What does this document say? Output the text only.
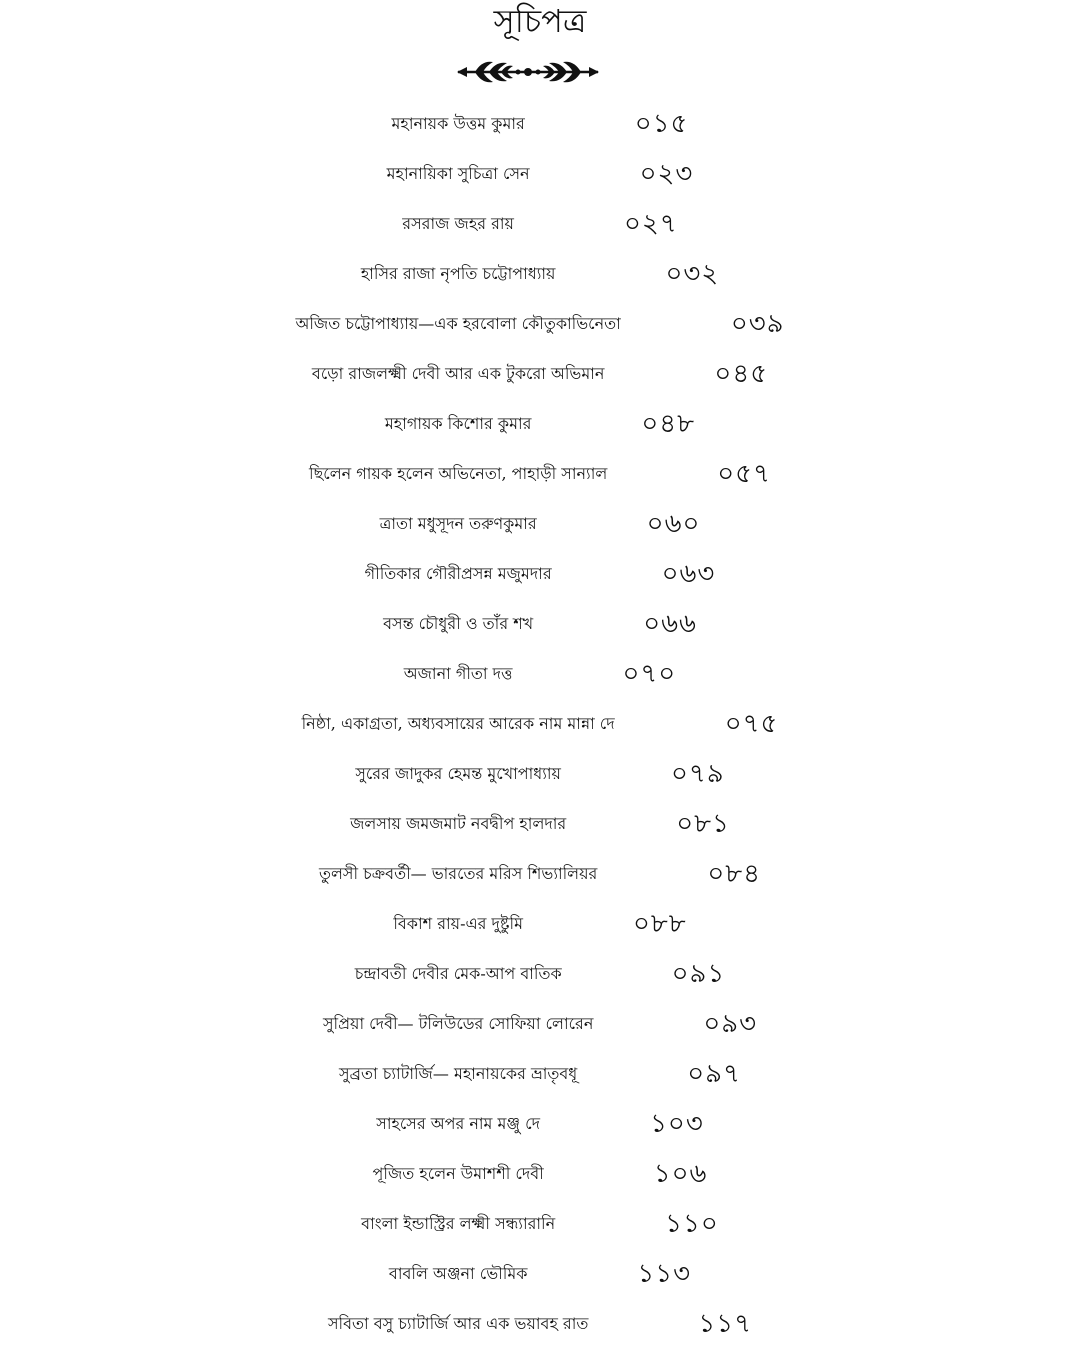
সূচিপত্র
মহানায়ক উত্তম কুমার	০১৫
মহানায়িকা সুচিত্রা সেন	০২৩
রসরাজ জহর রায়	০২৭
হাসির রাজা নৃপতি চট্টোপাধ্যায়	০৩২
অজিত চট্টোপাধ্যায়—এক হরবোলা কৌতুকাভিনেতা	০৩৯
বড়ো রাজলক্ষ্মী দেবী আর এক টুকরো অভিমান	০৪৫
মহাগায়ক কিশোর কুমার	০৪৮
ছিলেন গায়ক হলেন অভিনেতা, পাহাড়ী সান্যাল	০৫৭
ত্রাতা মধুসূদন তরুণকুমার	০৬০
গীতিকার গৌরীপ্রসন্ন মজুমদার	০৬৩
বসন্ত চৌধুরী ও তাঁর শখ	০৬৬
অজানা গীতা দত্ত	০৭০
নিষ্ঠা, একাগ্রতা, অধ্যবসায়ের আরেক নাম মান্না দে	০৭৫
সুরের জাদুকর হেমন্ত মুখোপাধ্যায়	০৭৯
জলসায় জমজমাট নবদ্বীপ হালদার	০৮১
তুলসী চক্রবর্তী— ভারতের মরিস শিভ্যালিয়র	০৮৪
বিকাশ রায়-এর দুষ্টুমি	০৮৮
চন্দ্রাবতী দেবীর মেক-আপ বাতিক	০৯১
সুপ্রিয়া দেবী— টলিউডের সোফিয়া লোরেন	০৯৩
সুব্রতা চ্যাটার্জি— মহানায়কের ভ্রাতৃবধূ	০৯৭
সাহসের অপর নাম মঞ্জু দে	১০৩
পূজিত হলেন উমাশশী দেবী	১০৬
বাংলা ইন্ডাস্ট্রির লক্ষ্মী সন্ধ্যারানি	১১০
বাবলি অঞ্জনা ভৌমিক	১১৩
সবিতা বসু চ্যাটার্জি আর এক ভয়াবহ রাত	১১৭
